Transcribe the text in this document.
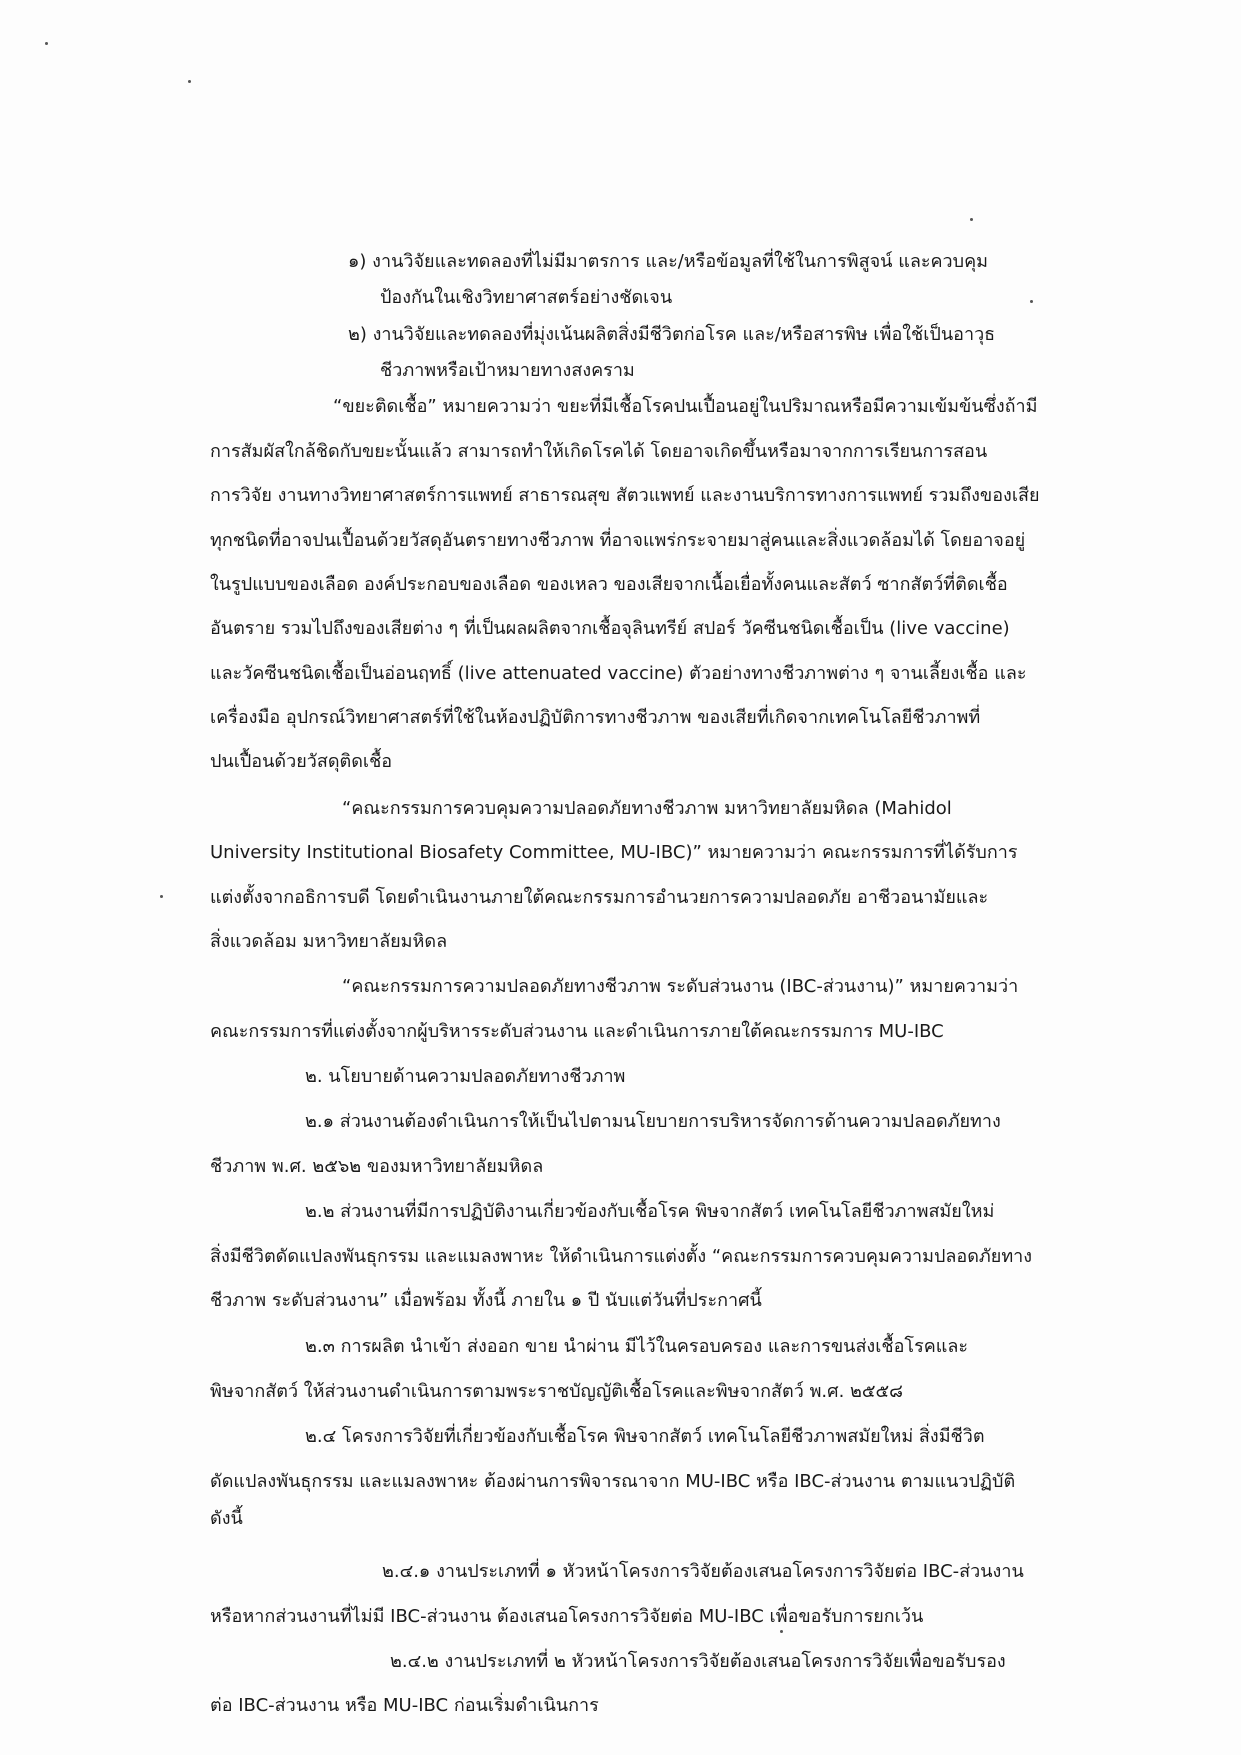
๑) งานวิจัยและทดลองที่ไม่มีมาตรการ และ/หรือข้อมูลที่ใช้ในการพิสูจน์ และควบคุม
ป้องกันในเชิงวิทยาศาสตร์อย่างชัดเจน
๒) งานวิจัยและทดลองที่มุ่งเน้นผลิตสิ่งมีชีวิตก่อโรค และ/หรือสารพิษ เพื่อใช้เป็นอาวุธ
ชีวภาพหรือเป้าหมายทางสงคราม
“ขยะติดเชื้อ” หมายความว่า ขยะที่มีเชื้อโรคปนเปื้อนอยู่ในปริมาณหรือมีความเข้มข้นซึ่งถ้ามี
การสัมผัสใกล้ชิดกับขยะนั้นแล้ว สามารถทำให้เกิดโรคได้ โดยอาจเกิดขึ้นหรือมาจากการเรียนการสอน
การวิจัย งานทางวิทยาศาสตร์การแพทย์ สาธารณสุข สัตวแพทย์ และงานบริการทางการแพทย์ รวมถึงของเสีย
ทุกชนิดที่อาจปนเปื้อนด้วยวัสดุอันตรายทางชีวภาพ ที่อาจแพร่กระจายมาสู่คนและสิ่งแวดล้อมได้ โดยอาจอยู่
ในรูปแบบของเลือด องค์ประกอบของเลือด ของเหลว ของเสียจากเนื้อเยื่อทั้งคนและสัตว์ ซากสัตว์ที่ติดเชื้อ
อันตราย รวมไปถึงของเสียต่าง ๆ ที่เป็นผลผลิตจากเชื้อจุลินทรีย์ สปอร์ วัคซีนชนิดเชื้อเป็น (live vaccine)
และวัคซีนชนิดเชื้อเป็นอ่อนฤทธิ์ (live attenuated vaccine) ตัวอย่างทางชีวภาพต่าง ๆ จานเลี้ยงเชื้อ และ
เครื่องมือ อุปกรณ์วิทยาศาสตร์ที่ใช้ในห้องปฏิบัติการทางชีวภาพ ของเสียที่เกิดจากเทคโนโลยีชีวภาพที่
ปนเปื้อนด้วยวัสดุติดเชื้อ
“คณะกรรมการควบคุมความปลอดภัยทางชีวภาพ มหาวิทยาลัยมหิดล (Mahidol
University Institutional Biosafety Committee, MU-IBC)” หมายความว่า คณะกรรมการที่ได้รับการ
แต่งตั้งจากอธิการบดี โดยดำเนินงานภายใต้คณะกรรมการอำนวยการความปลอดภัย อาชีวอนามัยและ
สิ่งแวดล้อม มหาวิทยาลัยมหิดล
“คณะกรรมการความปลอดภัยทางชีวภาพ ระดับส่วนงาน (IBC-ส่วนงาน)” หมายความว่า
คณะกรรมการที่แต่งตั้งจากผู้บริหารระดับส่วนงาน และดำเนินการภายใต้คณะกรรมการ MU-IBC
๒. นโยบายด้านความปลอดภัยทางชีวภาพ
๒.๑ ส่วนงานต้องดำเนินการให้เป็นไปตามนโยบายการบริหารจัดการด้านความปลอดภัยทาง
ชีวภาพ พ.ศ. ๒๕๖๒ ของมหาวิทยาลัยมหิดล
๒.๒ ส่วนงานที่มีการปฏิบัติงานเกี่ยวข้องกับเชื้อโรค พิษจากสัตว์ เทคโนโลยีชีวภาพสมัยใหม่
สิ่งมีชีวิตดัดแปลงพันธุกรรม และแมลงพาหะ ให้ดำเนินการแต่งตั้ง “คณะกรรมการควบคุมความปลอดภัยทาง
ชีวภาพ ระดับส่วนงาน” เมื่อพร้อม ทั้งนี้ ภายใน ๑ ปี นับแต่วันที่ประกาศนี้
๒.๓ การผลิต นำเข้า ส่งออก ขาย นำผ่าน มีไว้ในครอบครอง และการขนส่งเชื้อโรคและ
พิษจากสัตว์ ให้ส่วนงานดำเนินการตามพระราชบัญญัติเชื้อโรคและพิษจากสัตว์ พ.ศ. ๒๕๕๘
๒.๔ โครงการวิจัยที่เกี่ยวข้องกับเชื้อโรค พิษจากสัตว์ เทคโนโลยีชีวภาพสมัยใหม่ สิ่งมีชีวิต
ดัดแปลงพันธุกรรม และแมลงพาหะ ต้องผ่านการพิจารณาจาก MU-IBC หรือ IBC-ส่วนงาน ตามแนวปฏิบัติ
ดังนี้
๒.๔.๑ งานประเภทที่ ๑ หัวหน้าโครงการวิจัยต้องเสนอโครงการวิจัยต่อ IBC-ส่วนงาน
หรือหากส่วนงานที่ไม่มี IBC-ส่วนงาน ต้องเสนอโครงการวิจัยต่อ MU-IBC เพื่อขอรับการยกเว้น
๒.๔.๒ งานประเภทที่ ๒ หัวหน้าโครงการวิจัยต้องเสนอโครงการวิจัยเพื่อขอรับรอง
ต่อ IBC-ส่วนงาน หรือ MU-IBC ก่อนเริ่มดำเนินการ
